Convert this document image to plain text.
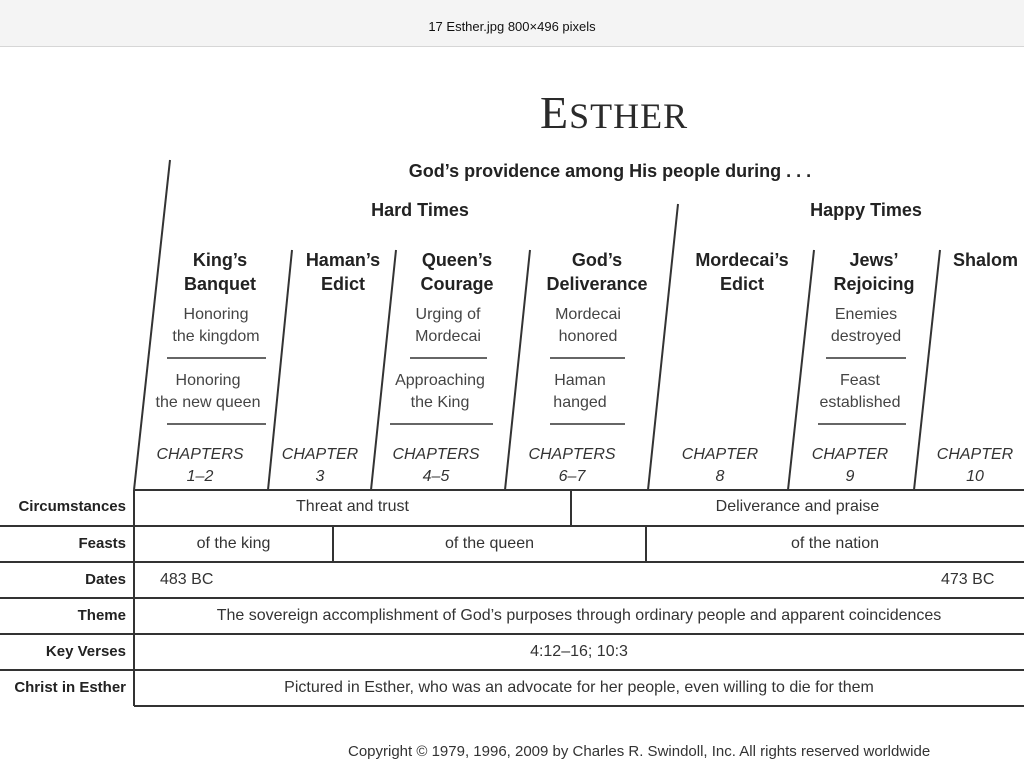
17 Esther.jpg 800×496 pixels
ESTHER
God’s providence among His people during . . .
Hard Times	Happy Times
King’s
Banquet
Honoring
the kingdom
Honoring
the new queen
CHAPTERS
1–2
Haman’s
Edict
CHAPTER
3
Queen’s
Courage
Urging of
Mordecai
Approaching
the King
CHAPTERS
4–5
God’s
Deliverance
Mordecai
honored
Haman
hanged
CHAPTERS
6–7
Mordecai’s
Edict
CHAPTER
8
Jews’
Rejoicing
Enemies
destroyed
Feast
established
CHAPTER
9
Shalom
CHAPTER
10
Circumstances	Threat and trust	Deliverance and praise
Feasts	of the king	of the queen	of the nation
Dates 483 BC	473 BC
Theme	The sovereign accomplishment of God’s purposes through ordinary people and apparent coincidences
Key Verses	4:12–16; 10:3
Christ in Esther	Pictured in Esther, who was an advocate for her people, even willing to die for them
Copyright © 1979, 1996, 2009 by Charles R. Swindoll, Inc. All rights reserved worldwide
